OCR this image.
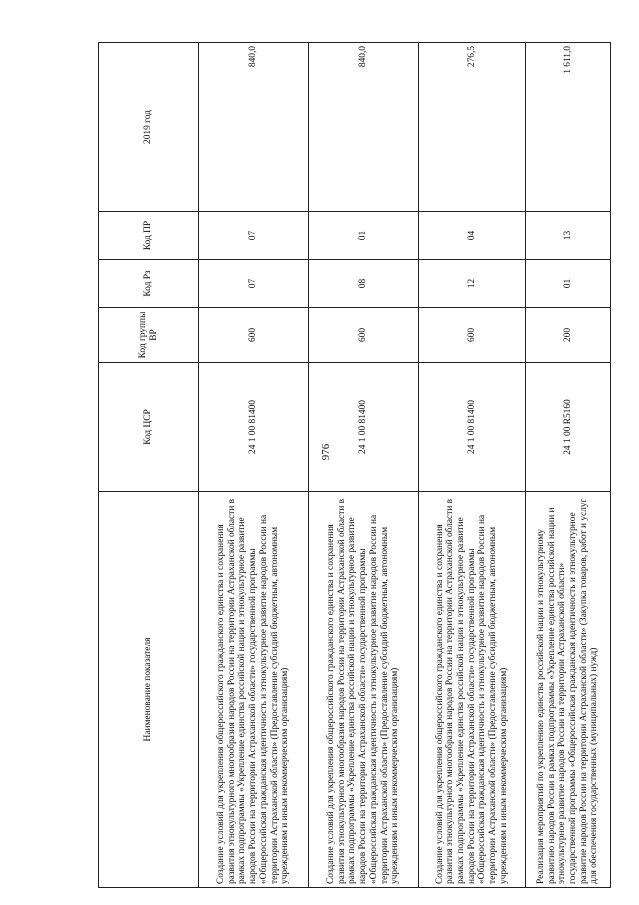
976
Наименование показателя	Код ЦСР	Код группы ВР	Код Рз	Код ПР	2019 год
Создание условий для укрепления общероссийского гражданского единства и сохранения развития этнокультурного многообразия народов России на территории Астраханской области в рамках подпрограммы «Укрепление единства российской нации и этнокультурное развитие народов России на территории Астраханской области» государственной программы «Общероссийская гражданская идентичность и этнокультурное развитие народов России на территории Астраханской области» (Предоставление субсидий бюджетным, автономным учреждениям и иным некоммерческим организациям)	24 1 00 81400	600	07	07	840,0
Создание условий для укрепления общероссийского гражданского единства и сохранения развития этнокультурного многообразия народов России на территории Астраханской области в рамках подпрограммы «Укрепление единства российской нации и этнокультурное развитие народов России на территории Астраханской области» государственной программы «Общероссийская гражданская идентичность и этнокультурное развитие народов России на территории Астраханской области» (Предоставление субсидий бюджетным, автономным учреждениям и иным некоммерческим организациям)	24 1 00 81400	600	08	01	840,0
Создание условий для укрепления общероссийского гражданского единства и сохранения развития этнокультурного многообразия народов России на территории Астраханской области в рамках подпрограммы «Укрепление единства российской нации и этнокультурное развитие народов России на территории Астраханской области» государственной программы «Общероссийская гражданская идентичность и этнокультурное развитие народов России на территории Астраханской области» (Предоставление субсидий бюджетным, автономным учреждениям и иным некоммерческим организациям)	24 1 00 81400	600	12	04	276,5
Реализация мероприятий по укреплению единства российской нации и этнокультурному развитию народов России в рамках подпрограммы «Укрепление единства российской нации и этнокультурное развитие народов России на территории Астраханской области» государственной программы «Общероссийская гражданская идентичность и этнокультурное развитие народов России на территории Астраханской области» (Закупка товаров, работ и услуг для обеспечения государственных (муниципальных) нужд)	24 1 00 R5160	200	01	13	1 611,0
